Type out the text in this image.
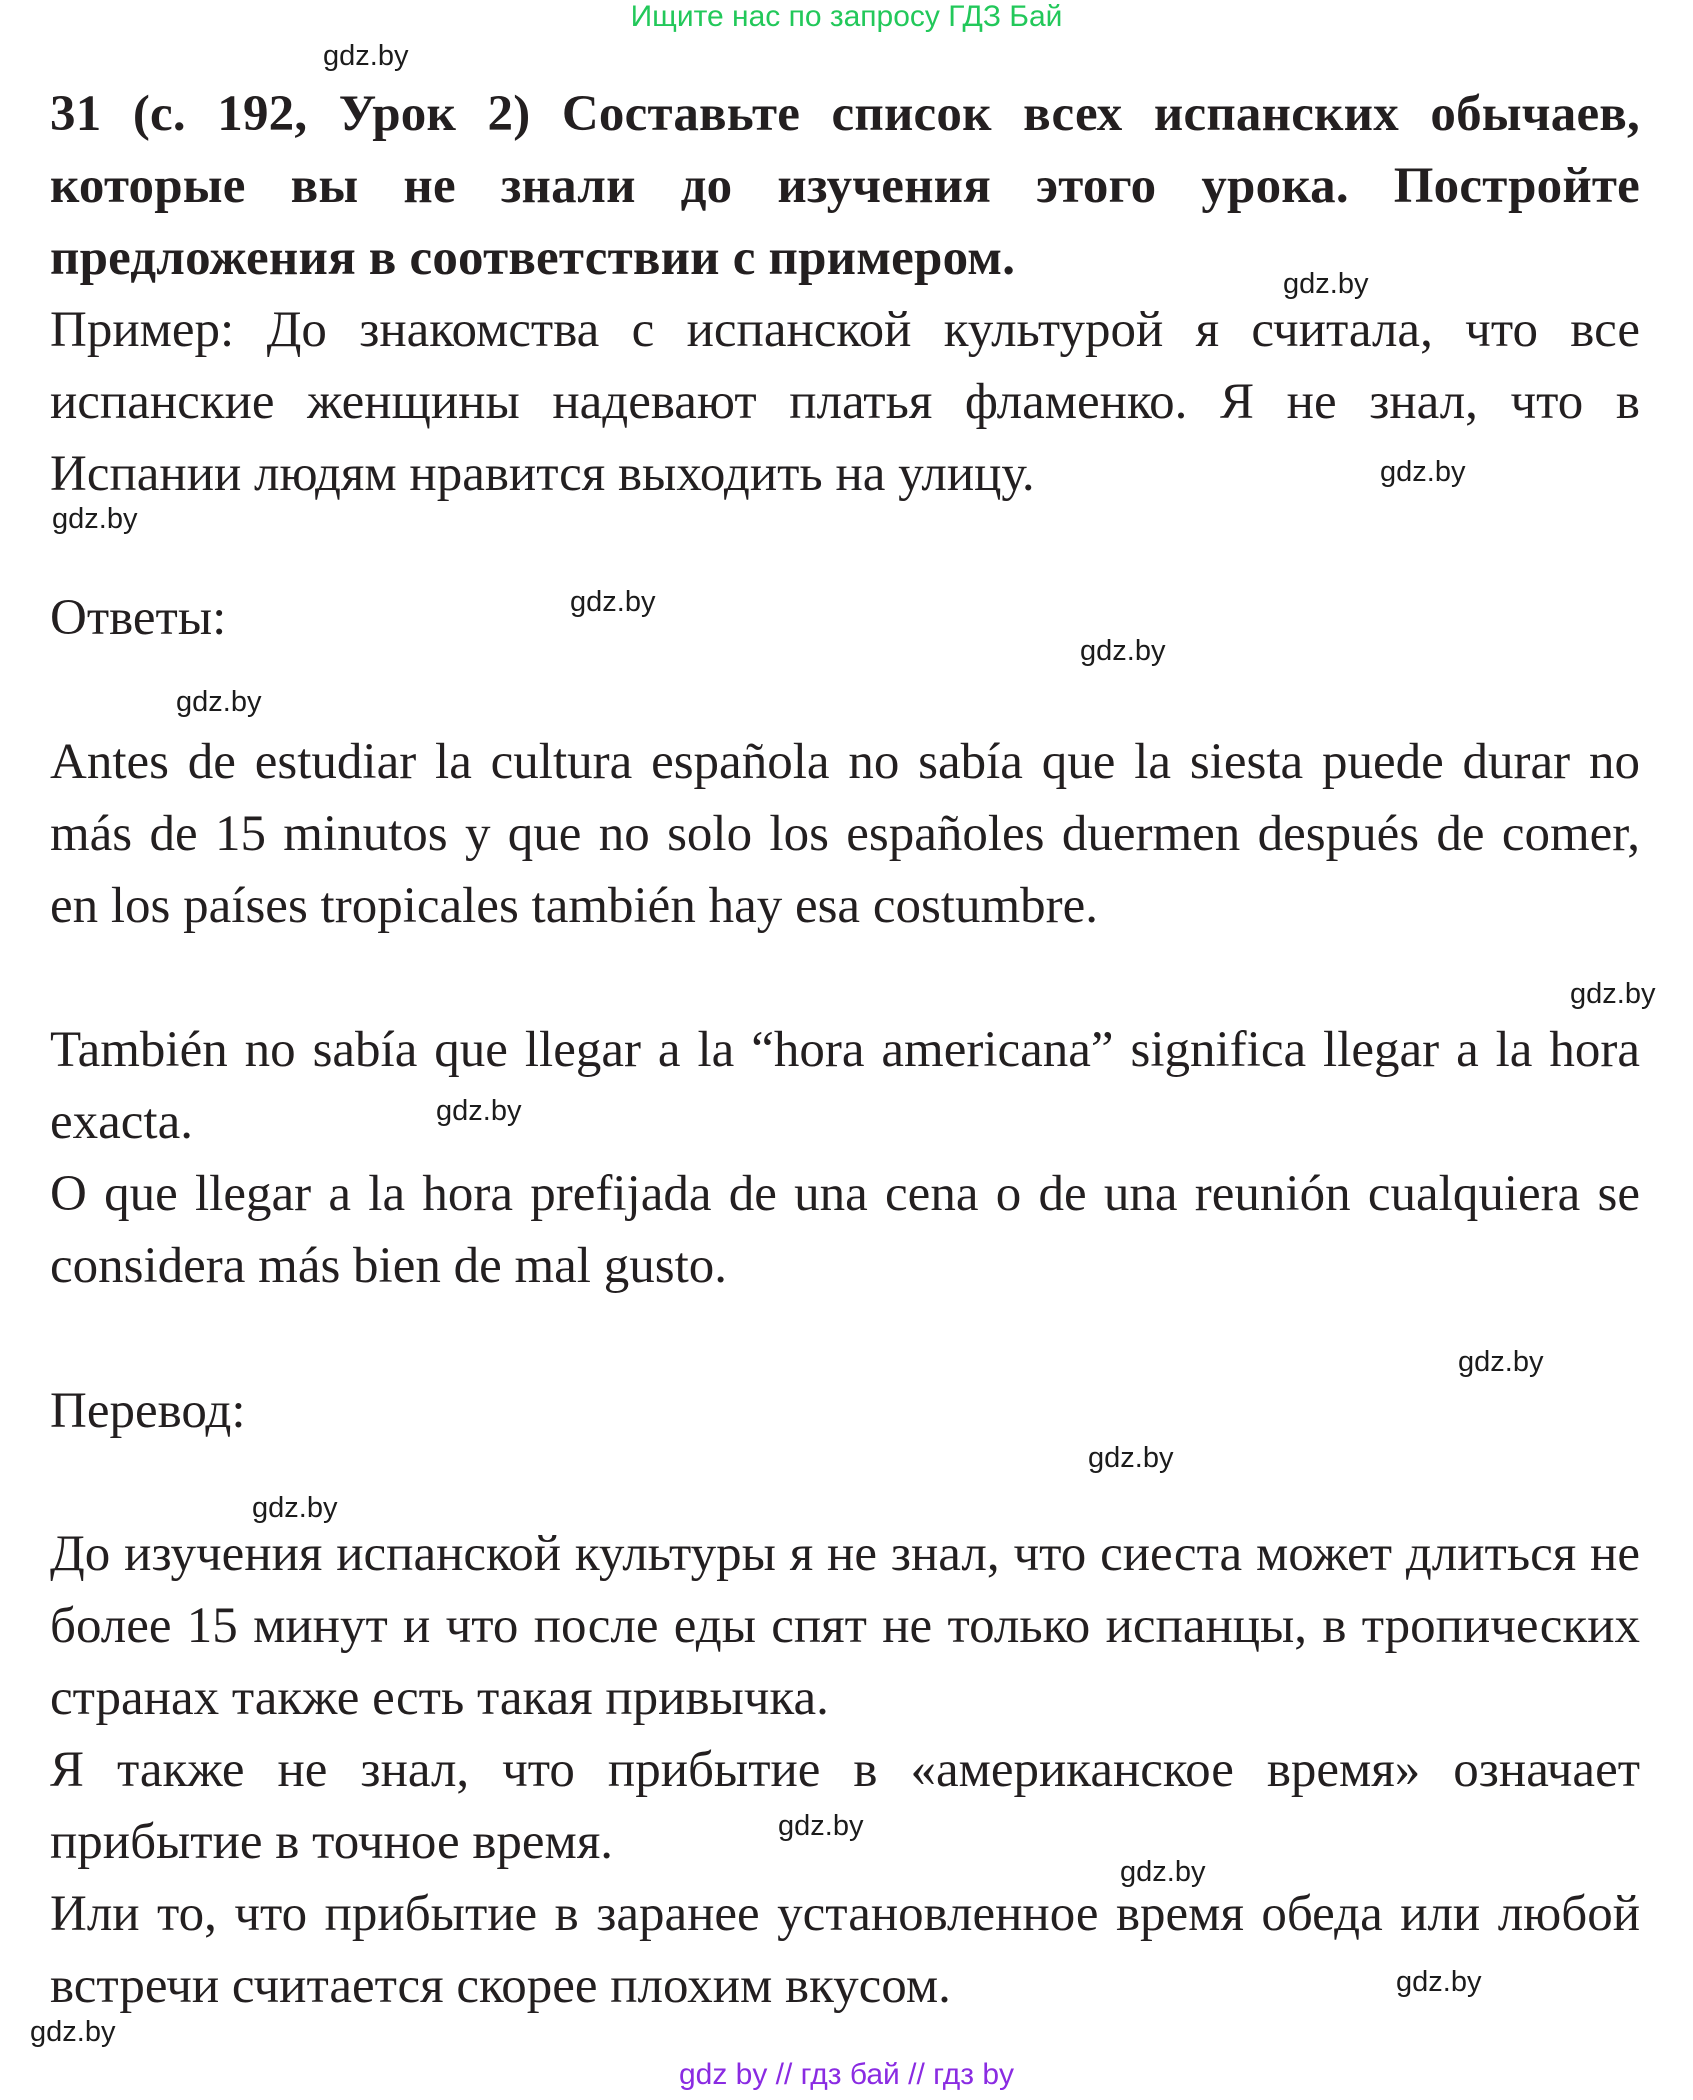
Ищите нас по запросу ГДЗ Бай
gdz.by
gdz.by
gdz.by
gdz.by
gdz.by
gdz.by
gdz.by
gdz.by
gdz.by
gdz.by
gdz.by
gdz.by
gdz.by
gdz.by
gdz.by
gdz.by

31 (с. 192, Урок 2) Составьте список всех испанских обычаев, которые вы не знали до изучения этого урока. Постройте предложения в соответствии с примером.

Пример: До знакомства с испанской культурой я считала, что все испанские женщины надевают платья фламенко. Я не знал, что в Испании людям нравится выходить на улицу.

Ответы:

Antes de estudiar la cultura española no sabía que la siesta puede durar no más de 15 minutos y que no solo los españoles duermen después de comer, en los países tropicales también hay esa costumbre.

También no sabía que llegar a la “hora americana” significa llegar a la hora exacta.

O que llegar a la hora prefijada de una cena o de una reunión cualquiera se considera más bien de mal gusto.

Перевод:

До изучения испанской культуры я не знал, что сиеста может длиться не более 15 минут и что после еды спят не только испанцы, в тропических странах также есть такая привычка.

Я также не знал, что прибытие в «американское время» означает прибытие в точное время.

Или то, что прибытие в заранее установленное время обеда или любой встречи считается скорее плохим вкусом.

gdz by // гдз бай // гдз by
